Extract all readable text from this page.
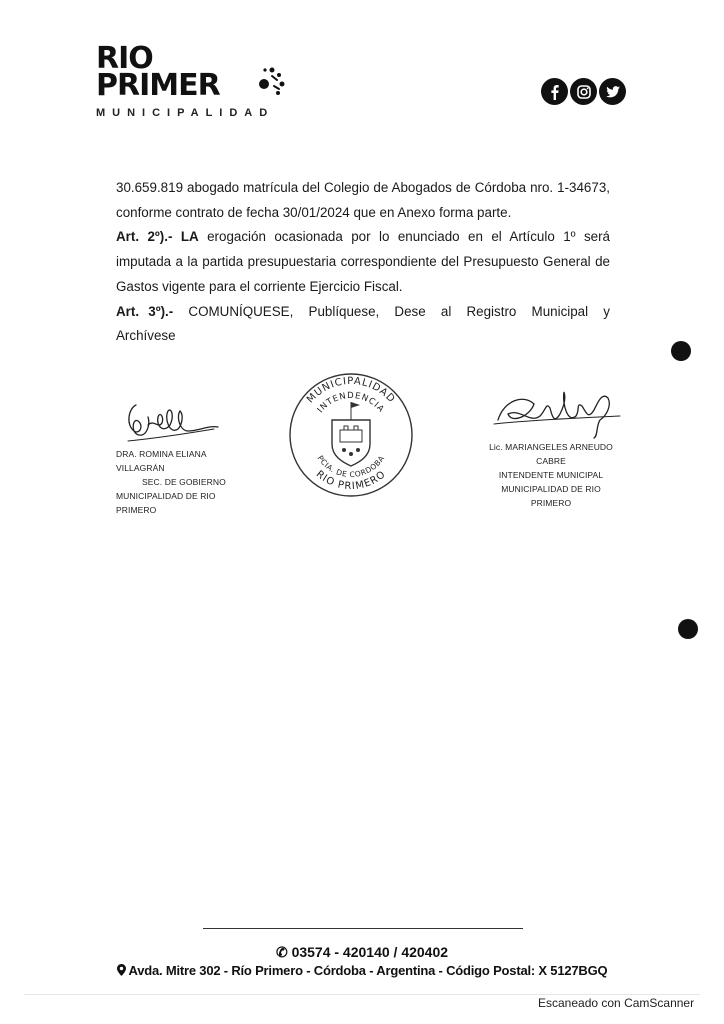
RIO
PRIMER
MUNICIPALIDAD

30.659.819 abogado matrícula del Colegio de Abogados de Córdoba nro. 1-34673, conforme contrato de fecha 30/01/2024 que en Anexo forma parte.

Art. 2º).- LA erogación ocasionada por lo enunciado en el Artículo 1º será imputada a la partida presupuestaria correspondiente del Presupuesto General de Gastos vigente para el corriente Ejercicio Fiscal.

Art. 3º).- COMUNÍQUESE, Publíquese, Dese al Registro Municipal y Archívese

DRA. ROMINA ELIANA VILLAGRÁN
SEC. DE GOBIERNO
MUNICIPALIDAD DE RIO PRIMERO
MUNICIPALIDAD
INTENDENCIA
PCIA. DE CORDOBA
RIO PRIMERO
Lic. MARIANGELES ARNEUDO CABRE
INTENDENTE MUNICIPAL
MUNICIPALIDAD DE RIO PRIMERO
✆ 03574 - 420140 / 420402
Avda. Mitre 302 - Río Primero - Córdoba - Argentina - Código Postal: X 5127BGQ
Escaneado con CamScanner
